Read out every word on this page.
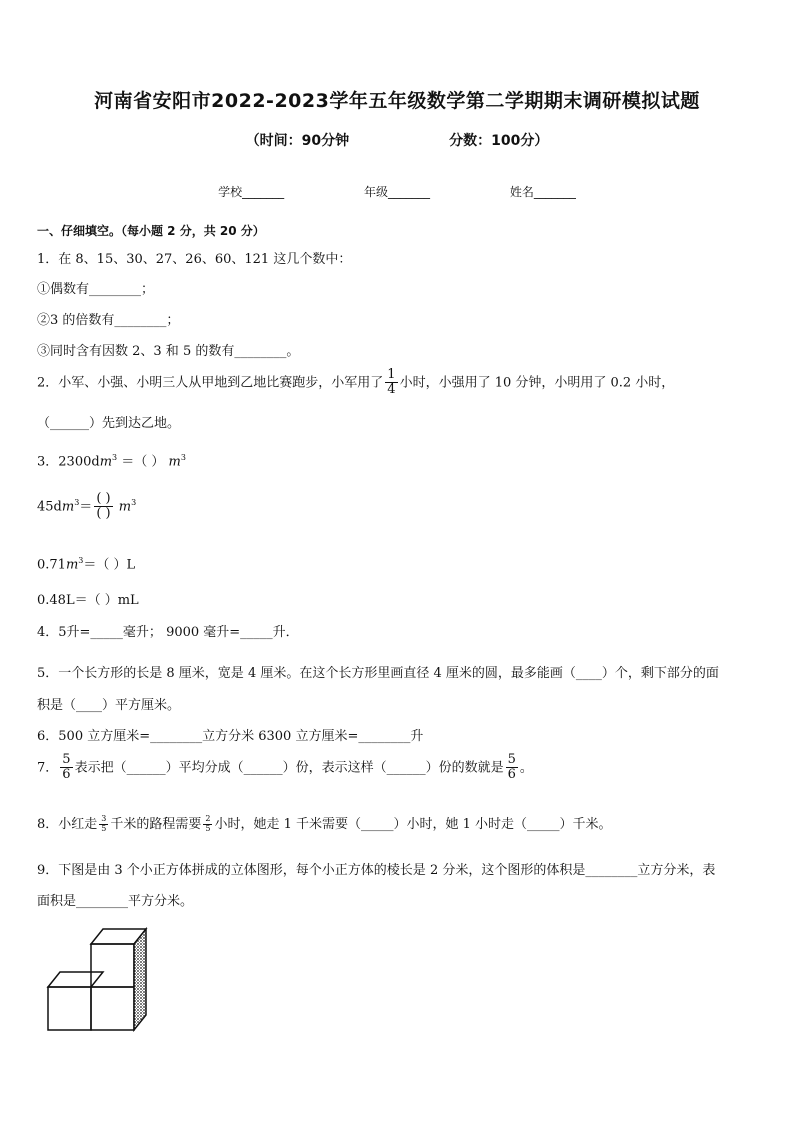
河南省安阳市2022-2023学年五年级数学第二学期期末调研模拟试题
（时间：90分钟	分数：100分）
学校_______	年级_______	姓名_______
一、仔细填空。（每小题 2 分，共 20 分）
1．在 8、15、30、27、26、60、121 这几个数中：
①偶数有________；
②3 的倍数有________；
③同时含有因数 2、3 和 5 的数有________。
2．小军、小强、小明三人从甲地到乙地比赛跑步，小军用了 $\frac{1}{4}$ 小时，小强用了 10 分钟，小明用了 0.2 小时，
（______）先到达乙地。
3．$2300dm^3$ ＝（ ） $m^3$
$45dm^3= \frac{( )}{( )} m^3$
$0.71m^3=$（ ）L
0.48L＝（ ）mL
4．5升=_____毫升； 9000 毫升=_____升．
5．一个长方形的长是 8 厘米，宽是 4 厘米。在这个长方形里画直径 4 厘米的圆，最多能画（____）个，剩下部分的面
积是（____）平方厘米。
6．500 立方厘米=________立方分米 6300 立方厘米=________升
7． $\frac{5}{6}$ 表示把（______）平均分成（______）份，表示这样（______）份的数就是 $\frac{5}{6}$ 。
8．小红走 $\frac{3}{5}$ 千米的路程需要 $\frac{2}{5}$ 小时，她走 1 千米需要（_____）小时，她 1 小时走（_____）千米。
9．下图是由 3 个小正方体拼成的立体图形，每个小正方体的棱长是 2 分米，这个图形的体积是________立方分米，表
面积是________平方分米。
